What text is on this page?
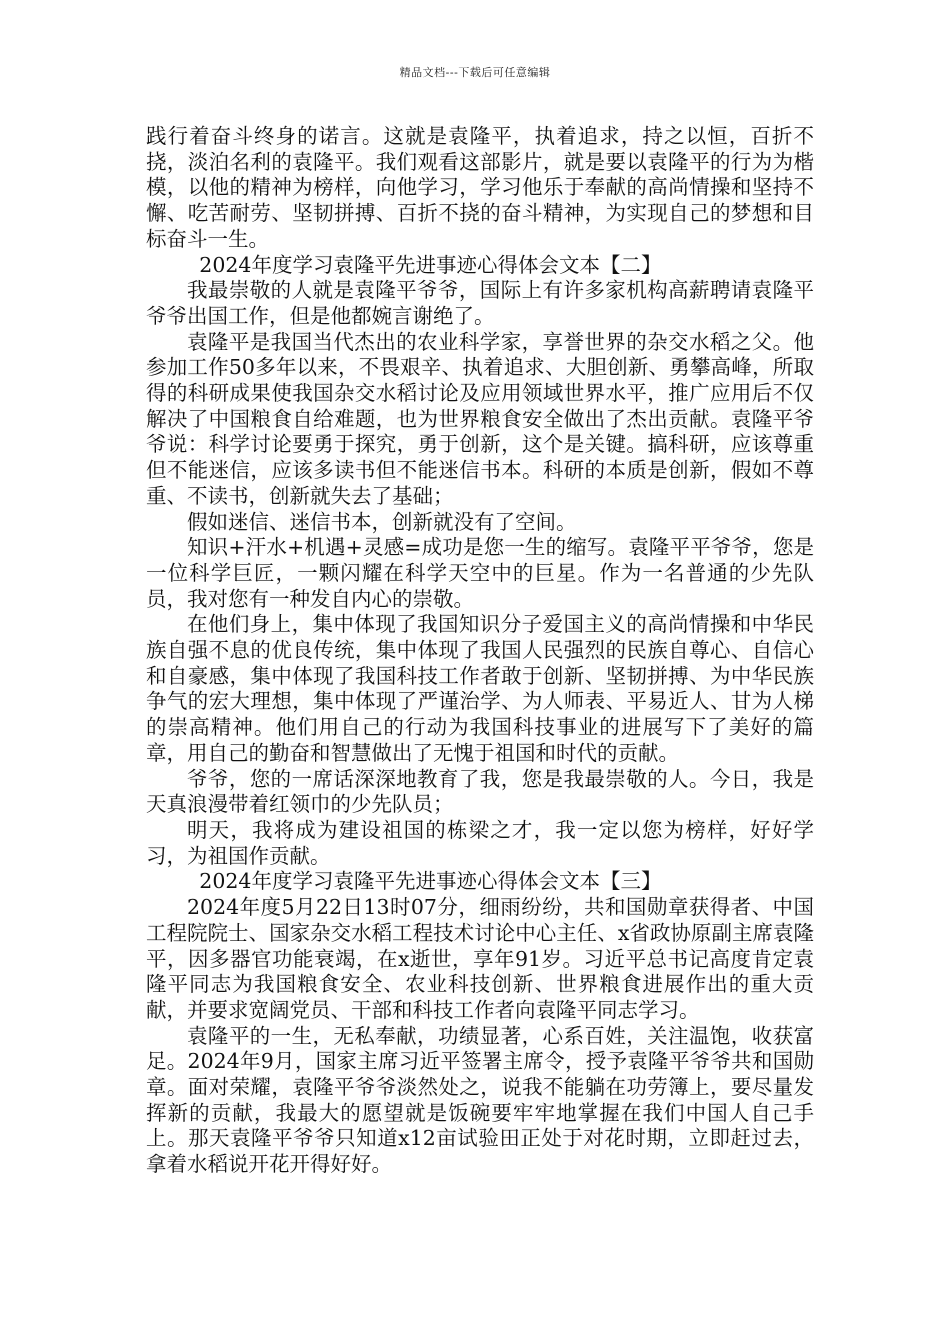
精品文档---下载后可任意编辑

践行着奋斗终身的诺言。这就是袁隆平，执着追求，持之以恒，百折不挠，淡泊名利的袁隆平。我们观看这部影片，就是要以袁隆平的行为为楷模，以他的精神为榜样，向他学习，学习他乐于奉献的高尚情操和坚持不懈、吃苦耐劳、坚韧拼搏、百折不挠的奋斗精神，为实现自己的梦想和目标奋斗一生。

2024年度学习袁隆平先进事迹心得体会文本【二】

我最崇敬的人就是袁隆平爷爷，国际上有许多家机构高薪聘请袁隆平爷爷出国工作，但是他都婉言谢绝了。

袁隆平是我国当代杰出的农业科学家，享誉世界的杂交水稻之父。他参加工作50多年以来，不畏艰辛、执着追求、大胆创新、勇攀高峰，所取得的科研成果使我国杂交水稻讨论及应用领域世界水平，推广应用后不仅解决了中国粮食自给难题，也为世界粮食安全做出了杰出贡献。袁隆平爷爷说：科学讨论要勇于探究，勇于创新，这个是关键。搞科研，应该尊重但不能迷信，应该多读书但不能迷信书本。科研的本质是创新，假如不尊重、不读书，创新就失去了基础；

假如迷信、迷信书本，创新就没有了空间。

知识+汗水+机遇+灵感=成功是您一生的缩写。袁隆平平爷爷，您是一位科学巨匠，一颗闪耀在科学天空中的巨星。作为一名普通的少先队员，我对您有一种发自内心的崇敬。

在他们身上，集中体现了我国知识分子爱国主义的高尚情操和中华民族自强不息的优良传统，集中体现了我国人民强烈的民族自尊心、自信心和自豪感，集中体现了我国科技工作者敢于创新、坚韧拼搏、为中华民族争气的宏大理想，集中体现了严谨治学、为人师表、平易近人、甘为人梯的崇高精神。他们用自己的行动为我国科技事业的进展写下了美好的篇章，用自己的勤奋和智慧做出了无愧于祖国和时代的贡献。

爷爷，您的一席话深深地教育了我，您是我最崇敬的人。今日，我是天真浪漫带着红领巾的少先队员；

明天，我将成为建设祖国的栋梁之才，我一定以您为榜样，好好学习，为祖国作贡献。

2024年度学习袁隆平先进事迹心得体会文本【三】

2024年度5月22日13时07分，细雨纷纷，共和国勋章获得者、中国工程院院士、国家杂交水稻工程技术讨论中心主任、x省政协原副主席袁隆平，因多器官功能衰竭，在x逝世，享年91岁。习近平总书记高度肯定袁隆平同志为我国粮食安全、农业科技创新、世界粮食进展作出的重大贡献，并要求宽阔党员、干部和科技工作者向袁隆平同志学习。

袁隆平的一生，无私奉献，功绩显著，心系百姓，关注温饱，收获富足。2024年9月，国家主席习近平签署主席令，授予袁隆平爷爷共和国勋章。面对荣耀，袁隆平爷爷淡然处之，说我不能躺在功劳簿上，要尽量发挥新的贡献，我最大的愿望就是饭碗要牢牢地掌握在我们中国人自己手上。那天袁隆平爷爷只知道x12亩试验田正处于对花时期，立即赶过去，拿着水稻说开花开得好好。
